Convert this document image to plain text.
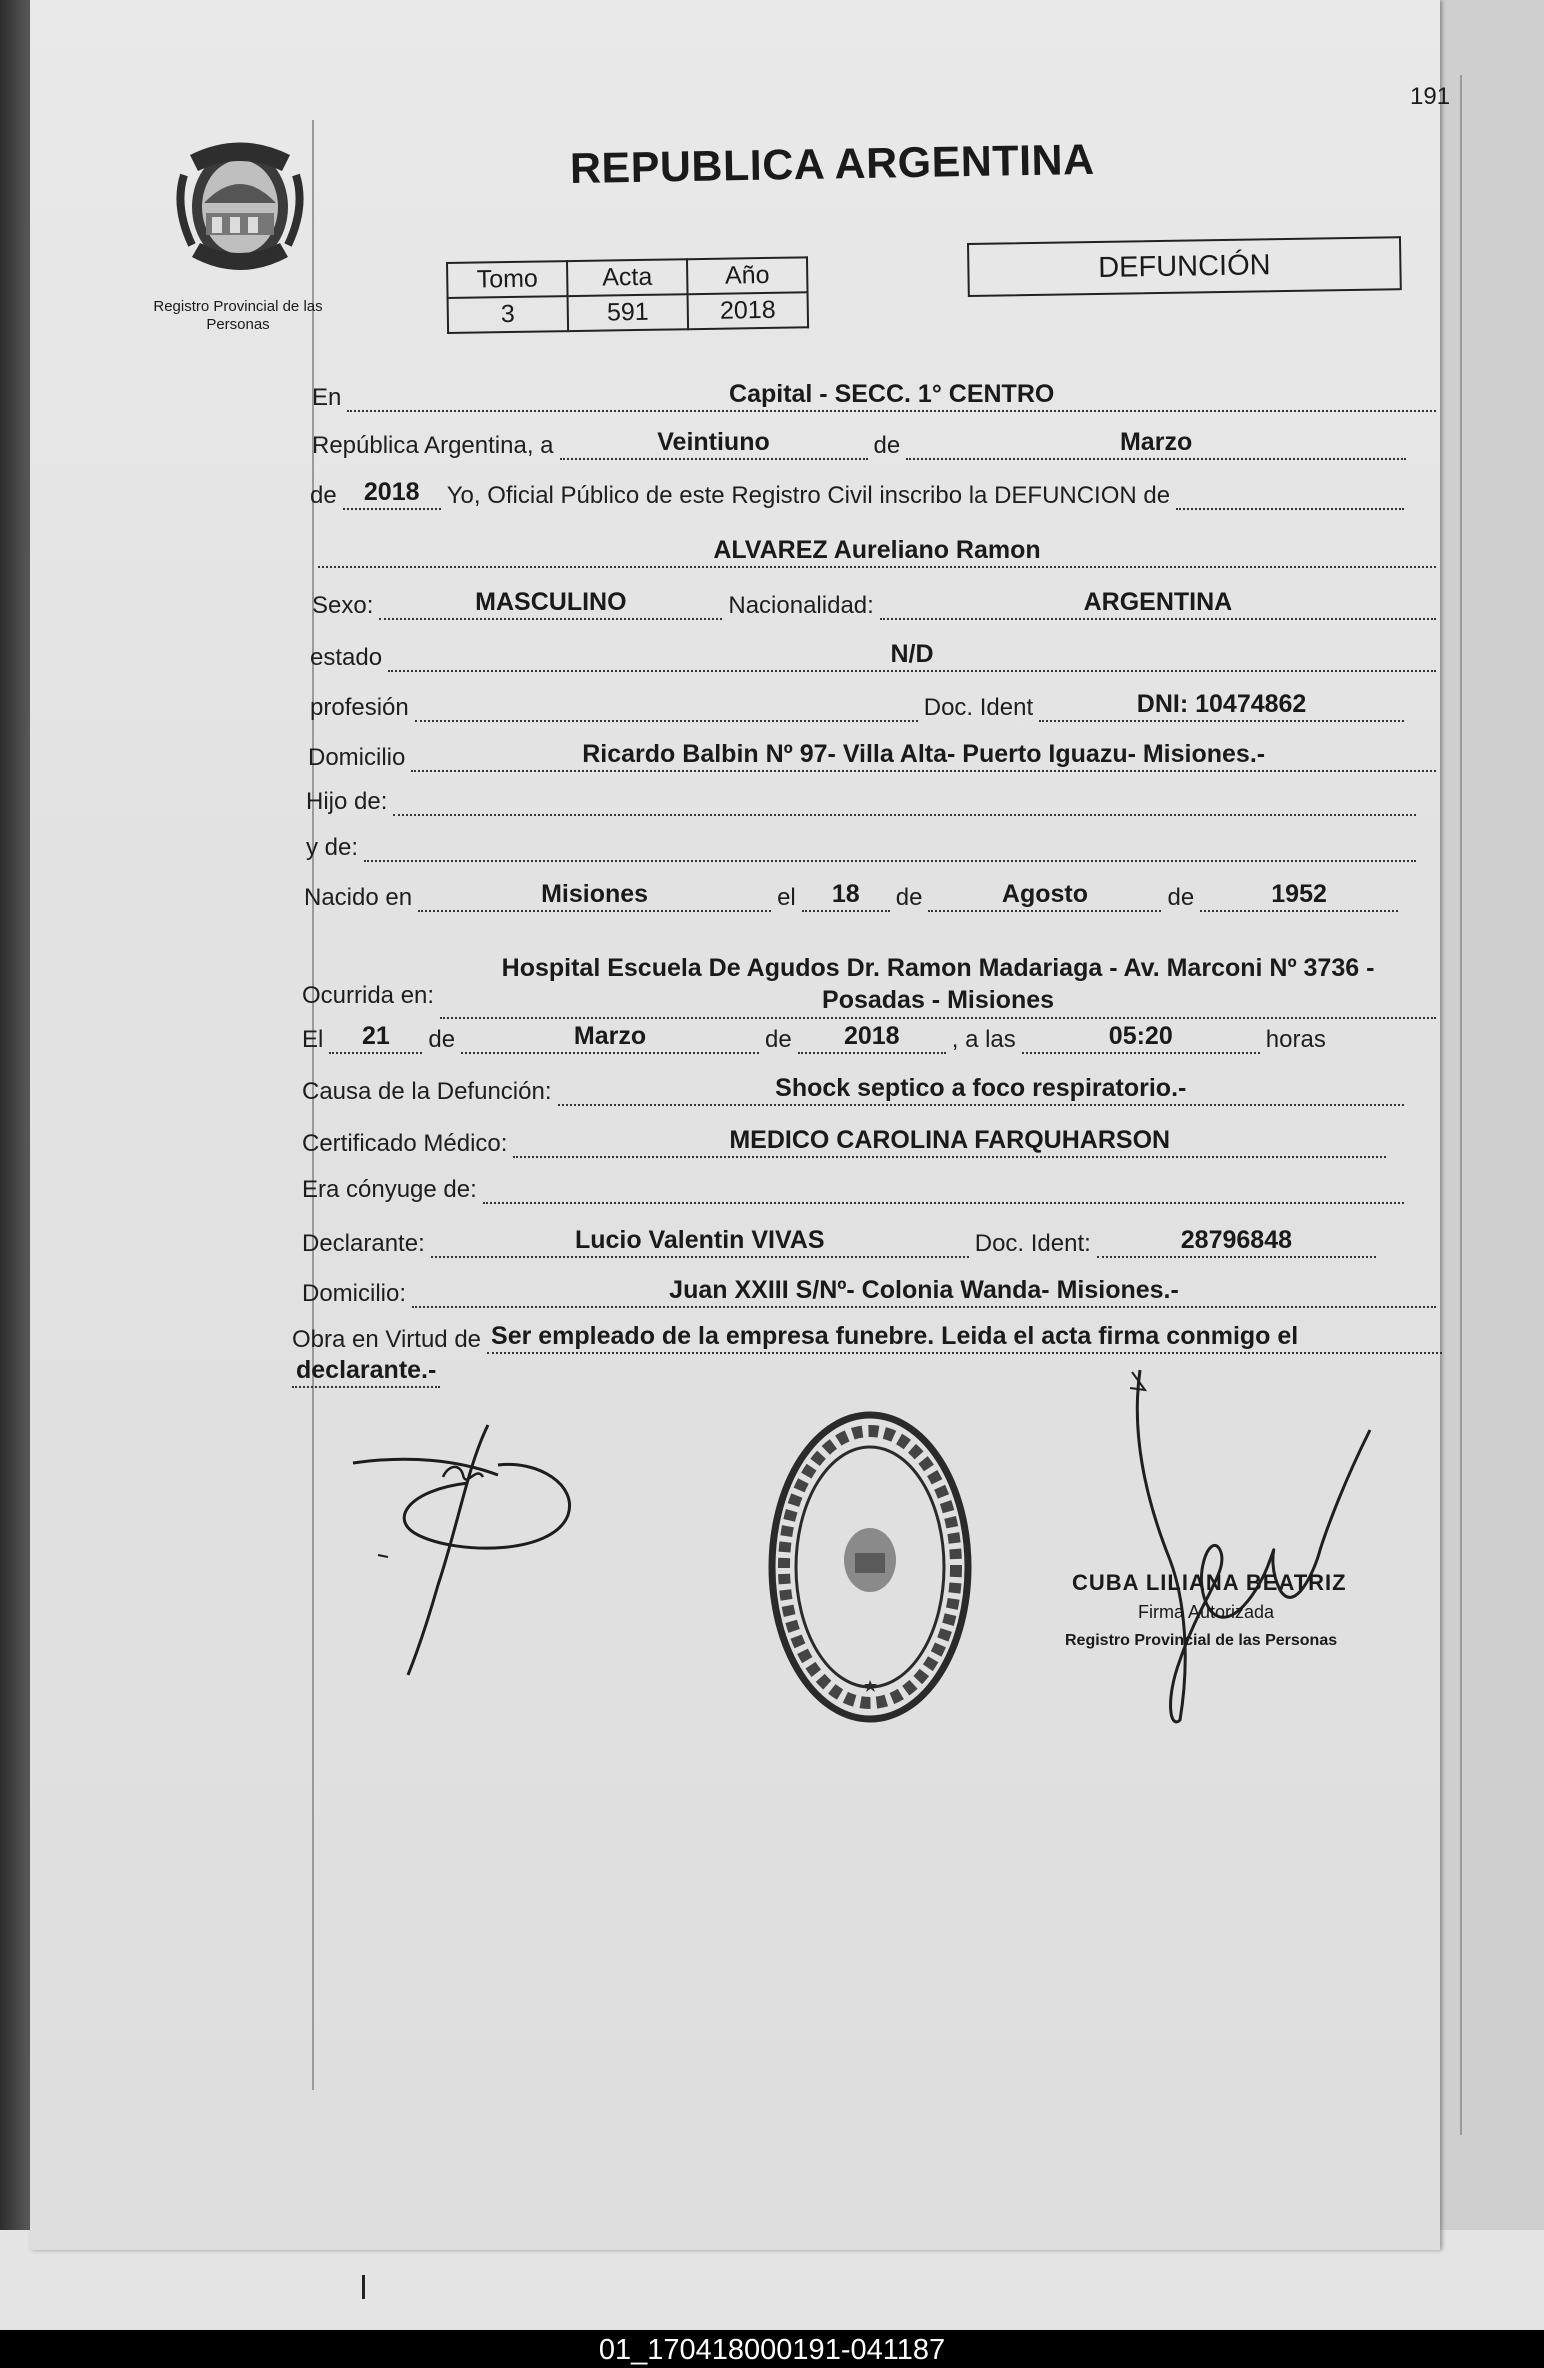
191
Registro Provincial de las Personas
REPUBLICA ARGENTINA
Tomo	Acta	Año
3	591	2018
DEFUNCIÓN
En	Capital - SECC. 1° CENTRO
República Argentina, a	Veintiuno	de	Marzo
de	2018	Yo, Oficial Público de este Registro Civil inscribo la DEFUNCION de
ALVAREZ Aureliano Ramon
Sexo:	MASCULINO	Nacionalidad:	ARGENTINA
estado	N/D
profesión	Doc. Ident	DNI: 10474862
Domicilio	Ricardo Balbin Nº 97- Villa Alta- Puerto Iguazu- Misiones.-
Hijo de:
y de:
Nacido en	Misiones	el	18	de	Agosto	de	1952
Ocurrida en:
Hospital Escuela De Agudos Dr. Ramon Madariaga - Av. Marconi Nº 3736 -
Posadas - Misiones
El	21	de	Marzo	de	2018	, a las	05:20	horas
Causa de la Defunción:	Shock septico a foco respiratorio.-
Certificado Médico:	MEDICO CAROLINA FARQUHARSON
Era cónyuge de:
Declarante:	Lucio Valentin VIVAS	Doc. Ident:	28796848
Domicilio:	Juan XXIII S/Nº- Colonia Wanda- Misiones.-
Obra en Virtud de Ser empleado de la empresa funebre. Leida el acta firma conmigo el
declarante.-
CUBA LILIANA BEATRIZ
Firma Autorizada
Registro Provincial de las Personas
01_170418000191-041187
